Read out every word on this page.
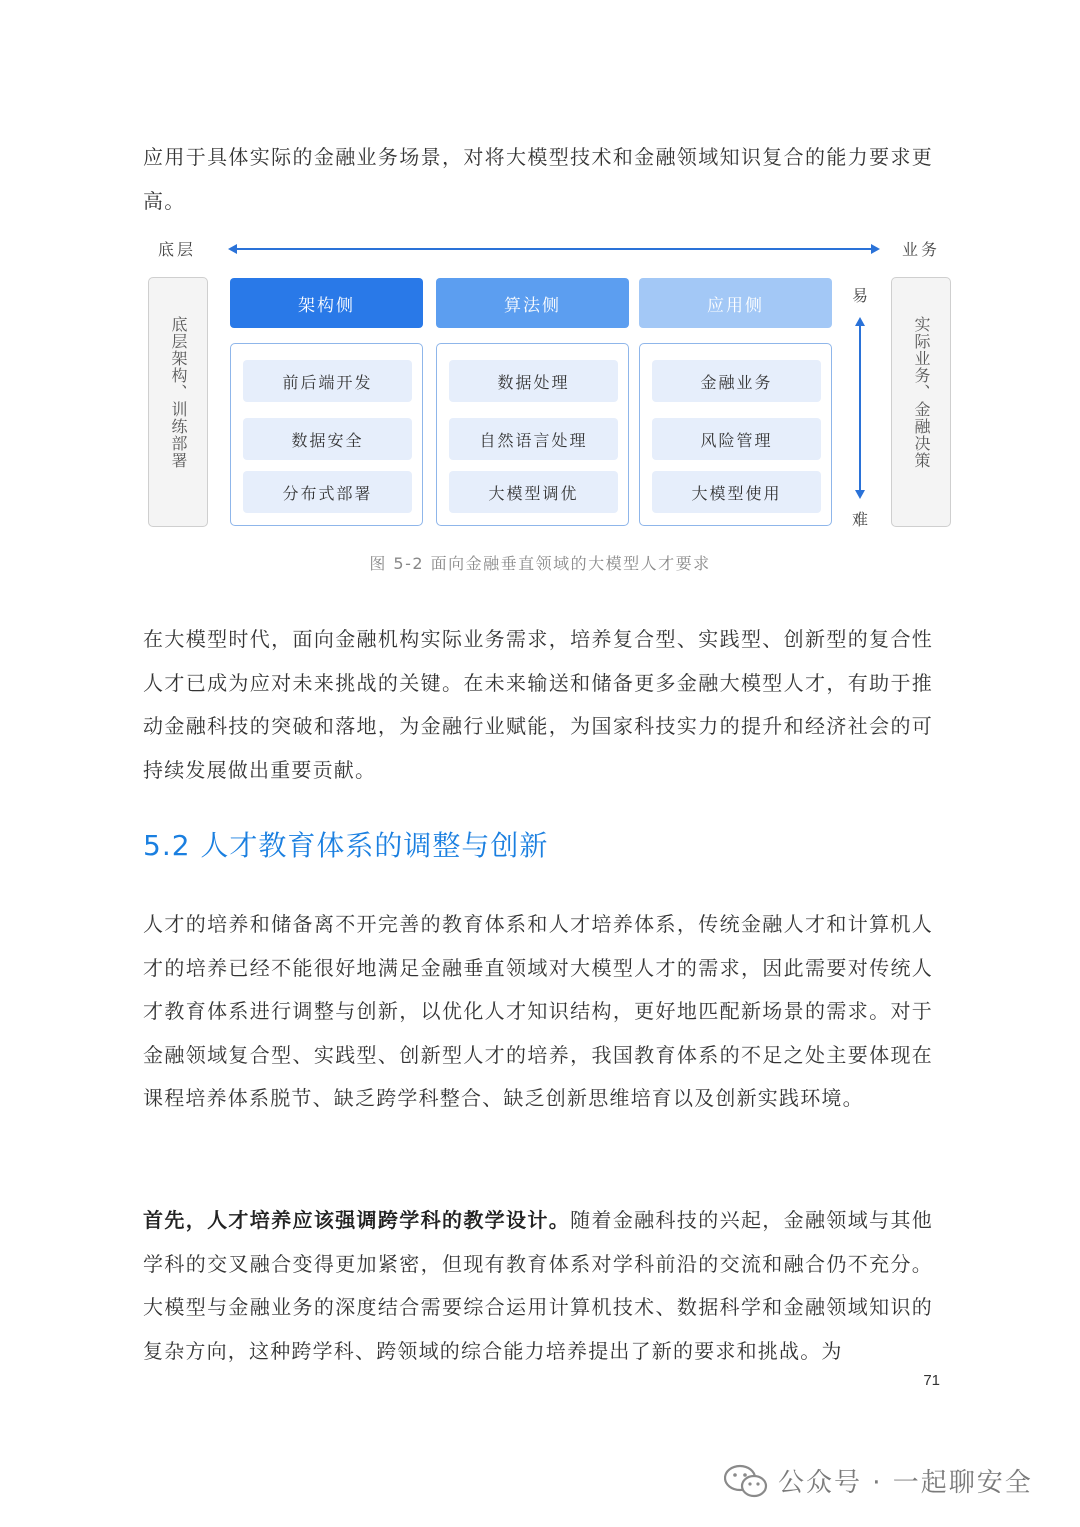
应用于具体实际的金融业务场景，对将大模型技术和金融领域知识复合的能力要求更高。

底层	业务
底层架构、训练部署
架构侧
前后端开发
数据安全
分布式部署
算法侧
数据处理
自然语言处理
大模型调优
应用侧
金融业务
风险管理
大模型使用
易
难
实际业务、金融决策
图 5-2 面向金融垂直领域的大模型人才要求

在大模型时代，面向金融机构实际业务需求，培养复合型、实践型、创新型的复合性人才已成为应对未来挑战的关键。在未来输送和储备更多金融大模型人才，有助于推动金融科技的突破和落地，为金融行业赋能，为国家科技实力的提升和经济社会的可持续发展做出重要贡献。

5.2 人才教育体系的调整与创新

人才的培养和储备离不开完善的教育体系和人才培养体系，传统金融人才和计算机人才的培养已经不能很好地满足金融垂直领域对大模型人才的需求，因此需要对传统人才教育体系进行调整与创新，以优化人才知识结构，更好地匹配新场景的需求。对于金融领域复合型、实践型、创新型人才的培养，我国教育体系的不足之处主要体现在课程培养体系脱节、缺乏跨学科整合、缺乏创新思维培育以及创新实践环境。

首先，人才培养应该强调跨学科的教学设计。随着金融科技的兴起，金融领域与其他学科的交叉融合变得更加紧密，但现有教育体系对学科前沿的交流和融合仍不充分。大模型与金融业务的深度结合需要综合运用计算机技术、数据科学和金融领域知识的复杂方向，这种跨学科、跨领域的综合能力培养提出了新的要求和挑战。为

71
公众号 · 一起聊安全
